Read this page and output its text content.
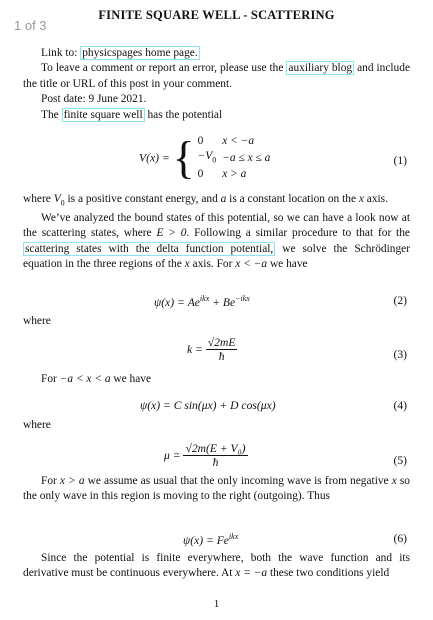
1 of 3
FINITE SQUARE WELL - SCATTERING

Link to: physicspages home page.

To leave a comment or report an error, please use the auxiliary blog and include the title or URL of this post in your comment.

Post date: 9 June 2021.

The finite square well has the potential

V(x) = { 0	x < −a
$-V_0$	−a ≤ x ≤ a
0	x > a
(1)

where $V_0$ is a positive constant energy, and a is a constant location on the x axis.

We’ve analyzed the bound states of this potential, so we can have a look now at the scattering states, where E > 0. Following a similar procedure to that for the scattering states with the delta function potential, we solve the Schrödinger equation in the three regions of the x axis. For x < −a we have

$\psi(x) = Ae^{ikx} + Be^{-ikx}$	(2)
where
$k = \frac{√2mE}{ħ}$	(3)

For −a < x < a we have

ψ(x) = C sin(μx) + D cos(μx)	(4)
where
$\mu = \frac{\text{√2m(E + V₀)}}{ħ}$	(5)

For x > a we assume as usual that the only incoming wave is from negative x so the only wave in this region is moving to the right (outgoing). Thus

$\psi(x) = Fe^{ikx}$	(6)

Since the potential is finite everywhere, both the wave function and its derivative must be continuous everywhere. At x = −a these two conditions yield

1
